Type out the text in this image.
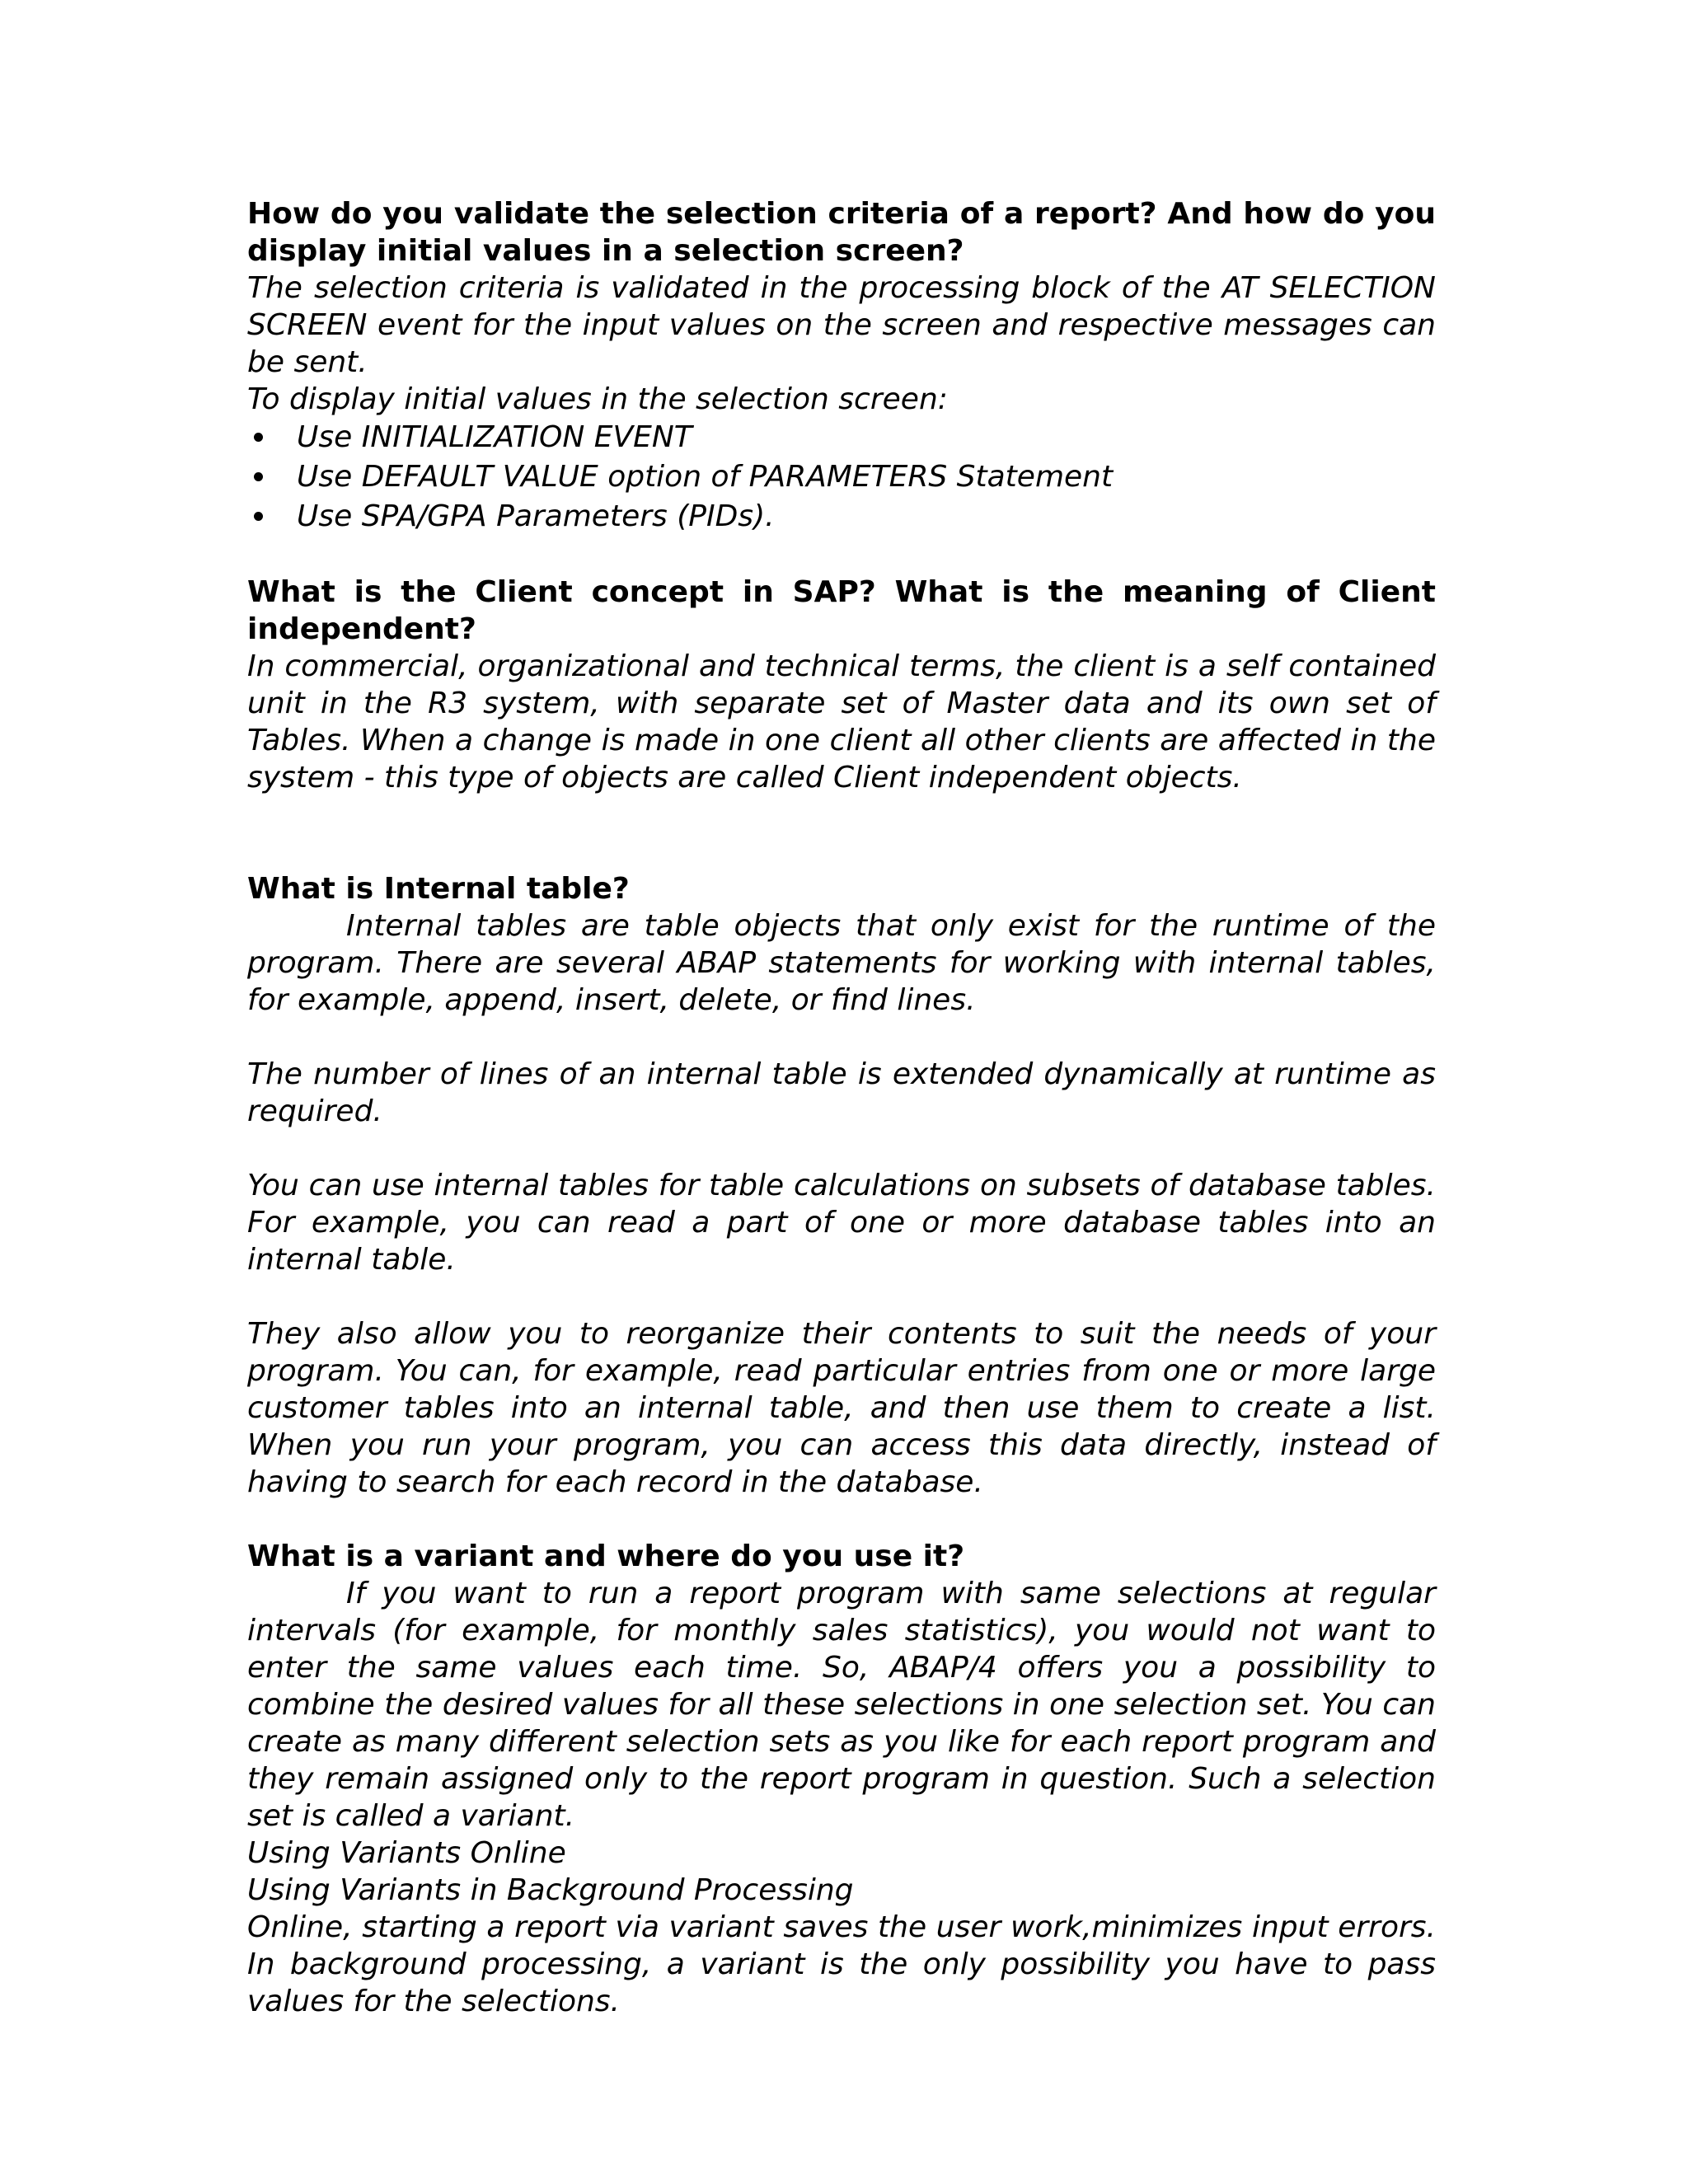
How do you validate the selection criteria of a report? And how do you display initial values in a selection screen?

The selection criteria is validated in the processing block of the AT SELECTION SCREEN event for the input values on the screen and respective messages can be sent.

To display initial values in the selection screen:

Use INITIALIZATION EVENT
Use DEFAULT VALUE option of PARAMETERS Statement
Use SPA/GPA Parameters (PIDs).

What is the Client concept in SAP? What is the meaning of Client independent?

In commercial, organizational and technical terms, the client is a self contained unit in the R3 system, with separate set of Master data and its own set of Tables. When a change is made in one client all other clients are affected in the system - this type of objects are called Client independent objects.

What is Internal table?

Internal tables are table objects that only exist for the runtime of the program. There are several ABAP statements for working with internal tables, for example, append, insert, delete, or find lines.

The number of lines of an internal table is extended dynamically at runtime as required.

You can use internal tables for table calculations on subsets of database tables. For example, you can read a part of one or more database tables into an internal table.

They also allow you to reorganize their contents to suit the needs of your program. You can, for example, read particular entries from one or more large customer tables into an internal table, and then use them to create a list. When you run your program, you can access this data directly, instead of having to search for each record in the database.

What is a variant and where do you use it?

If you want to run a report program with same selections at regular intervals (for example, for monthly sales statistics), you would not want to enter the same values each time. So, ABAP/4 offers you a possibility to combine the desired values for all these selections in one selection set. You can create as many different selection sets as you like for each report program and they remain assigned only to the report program in question. Such a selection set is called a variant.

Using Variants Online

Using Variants in Background Processing

Online, starting a report via variant saves the user work,minimizes input errors. In background processing, a variant is the only possibility you have to pass values for the selections.
